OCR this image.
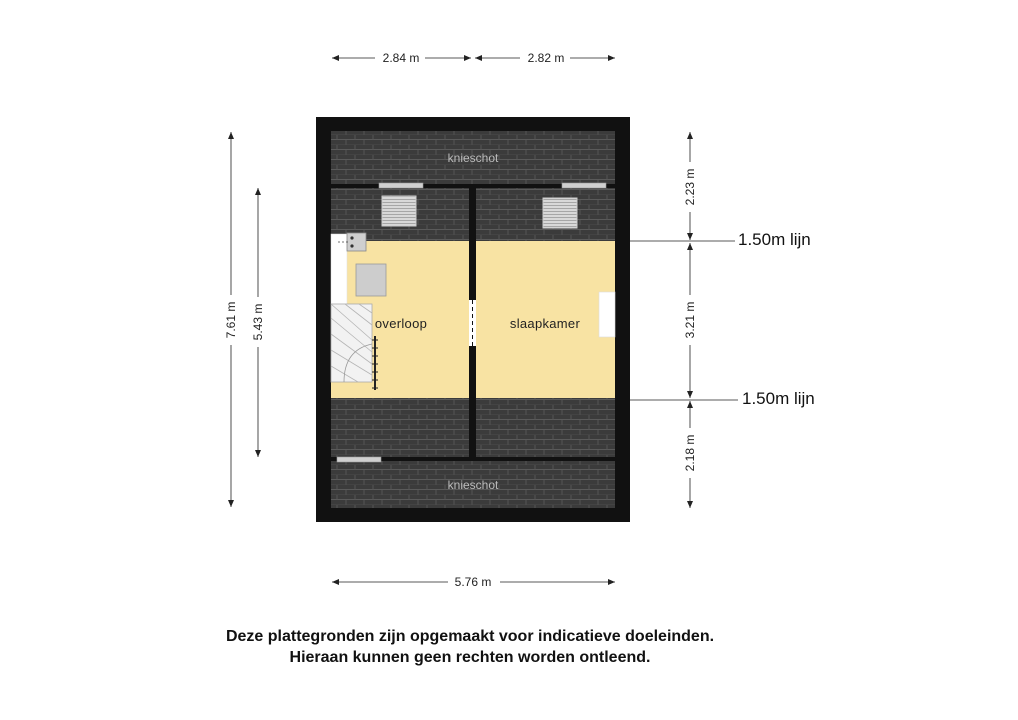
overloop	slaapkamer
knieschot
knieschot
2.84 m	2.82 m
5.76 m
7.61 m 5.43 m
2.23 m
3.21 m
2.18 m
1.50m lijn
1.50m lijn
Deze plattegronden zijn opgemaakt voor indicatieve doeleinden.
Hieraan kunnen geen rechten worden ontleend.
